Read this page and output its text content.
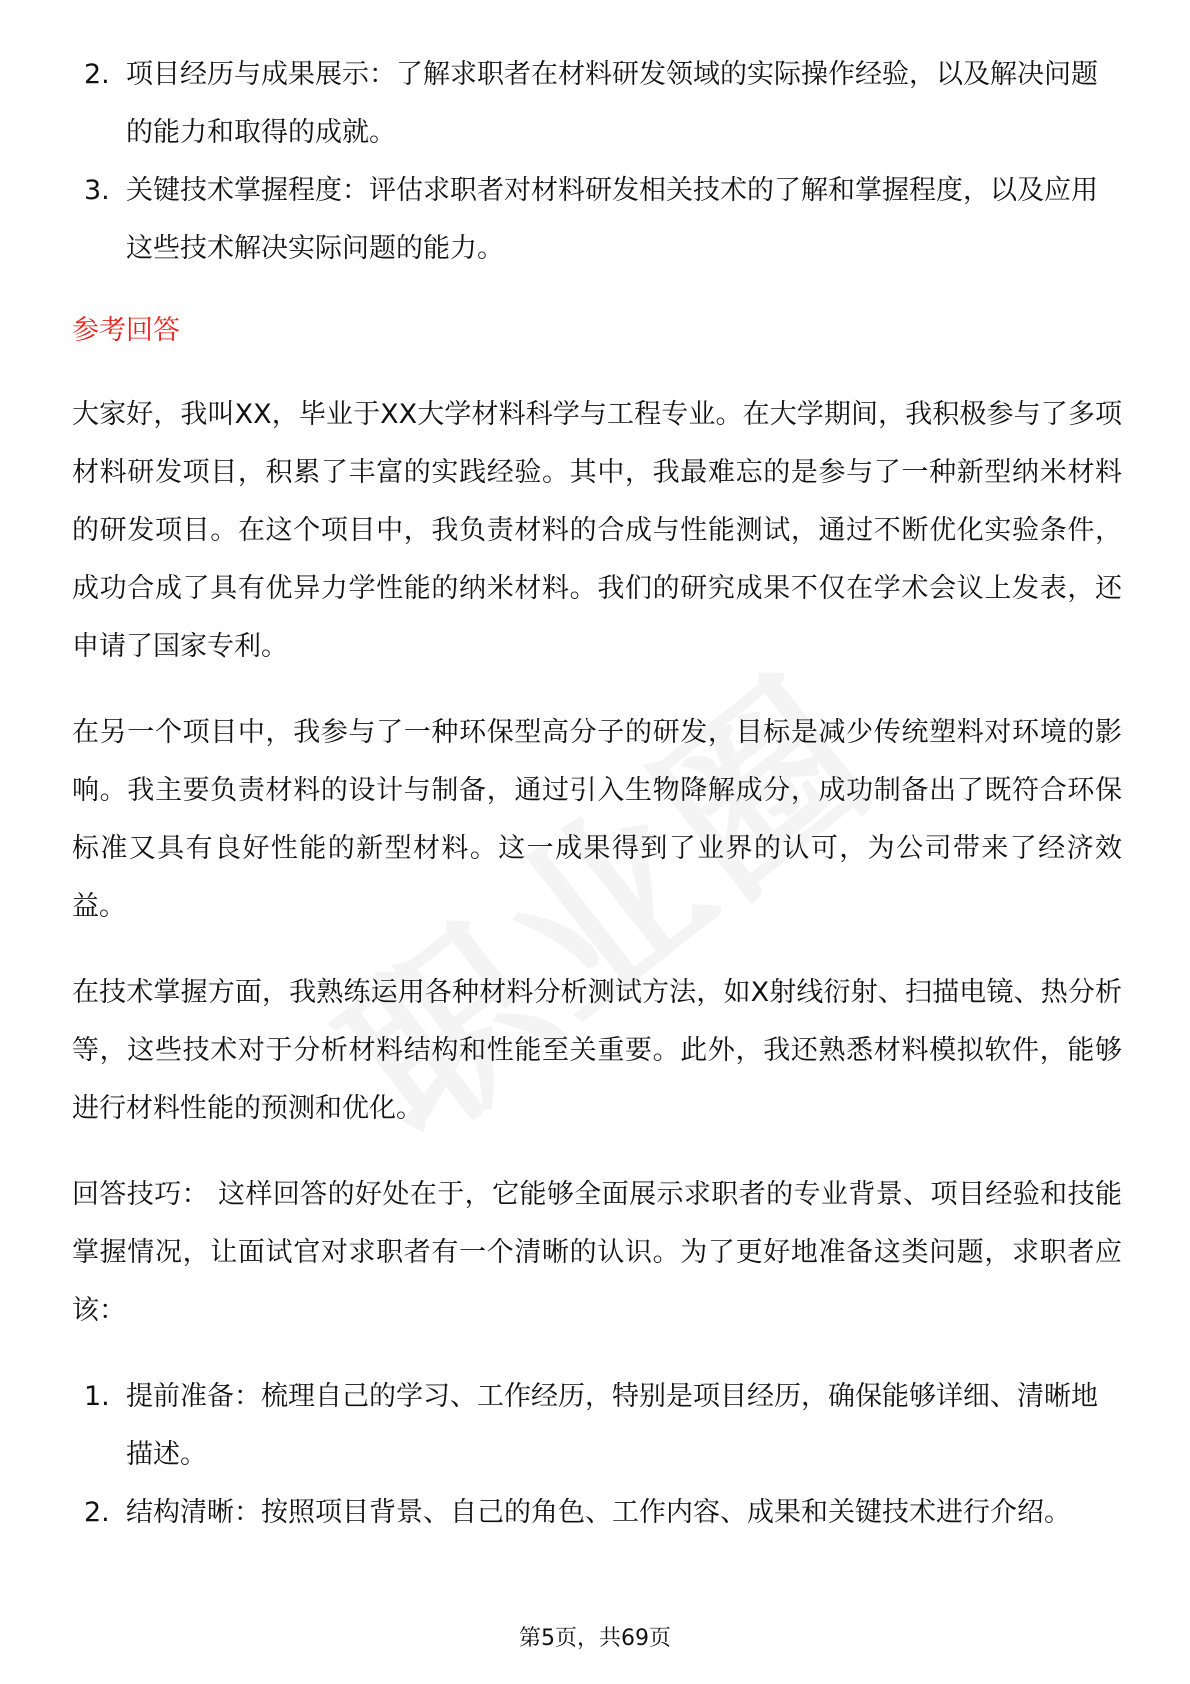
2. 项目经历与成果展示：了解求职者在材料研发领域的实际操作经验，以及解决问题的能力和取得的成就。
3. 关键技术掌握程度：评估求职者对材料研发相关技术的了解和掌握程度，以及应用这些技术解决实际问题的能力。
参考回答

大家好，我叫XX，毕业于XX大学材料科学与工程专业。在大学期间，我积极参与了多项材料研发项目，积累了丰富的实践经验。其中，我最难忘的是参与了一种新型纳米材料的研发项目。在这个项目中，我负责材料的合成与性能测试，通过不断优化实验条件，成功合成了具有优异力学性能的纳米材料。我们的研究成果不仅在学术会议上发表，还申请了国家专利。

在另一个项目中，我参与了一种环保型高分子的研发，目标是减少传统塑料对环境的影响。我主要负责材料的设计与制备，通过引入生物降解成分，成功制备出了既符合环保标准又具有良好性能的新型材料。这一成果得到了业界的认可，为公司带来了经济效益。

在技术掌握方面，我熟练运用各种材料分析测试方法，如X射线衍射、扫描电镜、热分析等，这些技术对于分析材料结构和性能至关重要。此外，我还熟悉材料模拟软件，能够进行材料性能的预测和优化。

回答技巧： 这样回答的好处在于，它能够全面展示求职者的专业背景、项目经验和技能掌握情况，让面试官对求职者有一个清晰的认识。为了更好地准备这类问题，求职者应该：

1. 提前准备：梳理自己的学习、工作经历，特别是项目经历，确保能够详细、清晰地描述。
2. 结构清晰：按照项目背景、自己的角色、工作内容、成果和关键技术进行介绍。
第5页，共69页
